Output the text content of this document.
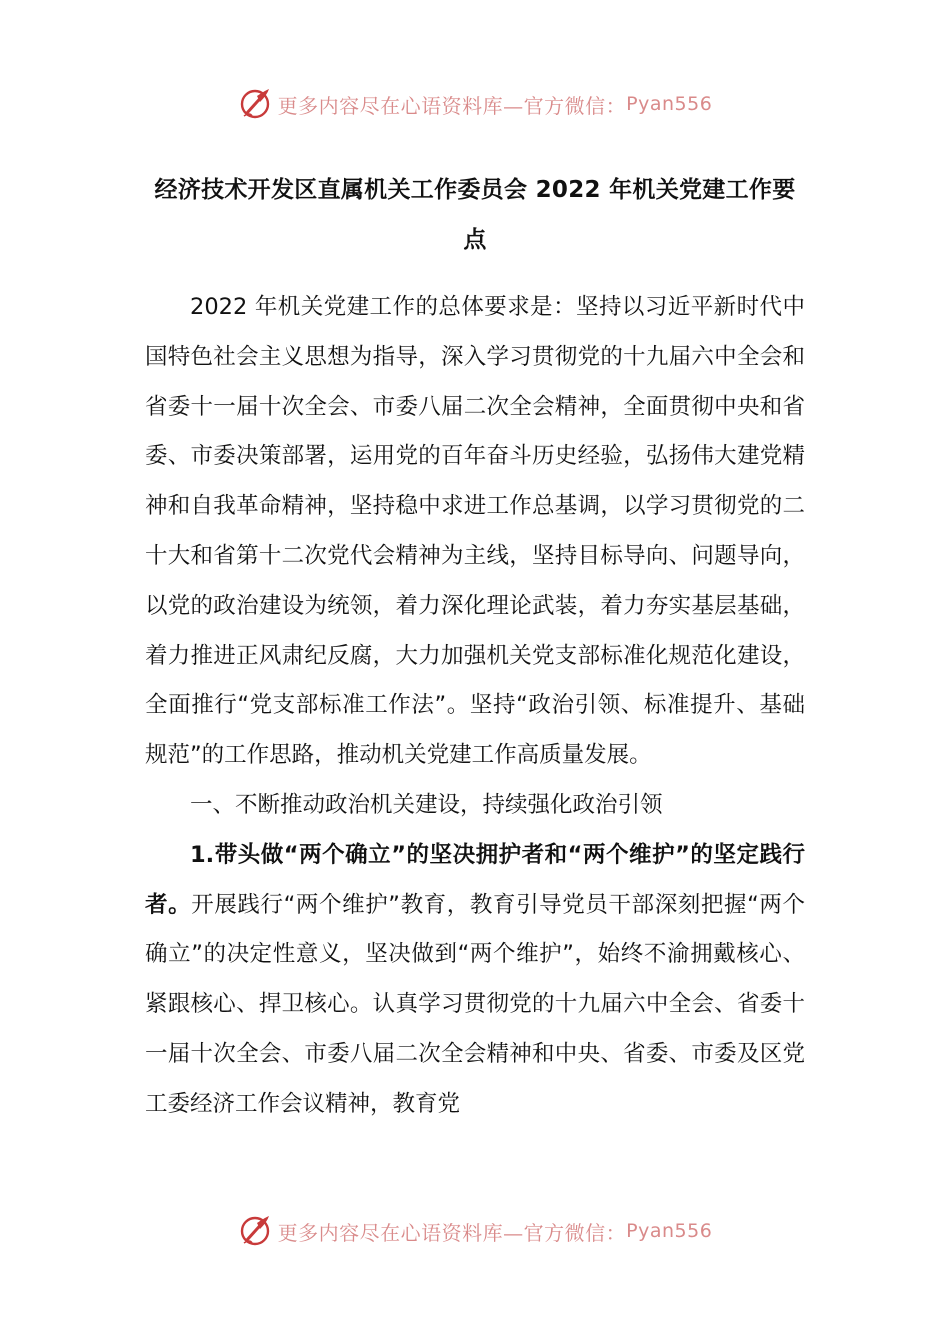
更多内容尽在心语资料库—官方微信： Pyan556
经济技术开发区直属机关工作委员会 2022 年机关党建工作要点

2022 年机关党建工作的总体要求是：坚持以习近平新时代中国特色社会主义思想为指导，深入学习贯彻党的十九届六中全会和省委十一届十次全会、市委八届二次全会精神，全面贯彻中央和省委、市委决策部署，运用党的百年奋斗历史经验，弘扬伟大建党精神和自我革命精神，坚持稳中求进工作总基调，以学习贯彻党的二十大和省第十二次党代会精神为主线，坚持目标导向、问题导向，以党的政治建设为统领，着力深化理论武装，着力夯实基层基础，着力推进正风肃纪反腐，大力加强机关党支部标准化规范化建设，全面推行“党支部标准工作法”。坚持“政治引领、标准提升、基础规范”的工作思路，推动机关党建工作高质量发展。

一、不断推动政治机关建设，持续强化政治引领

1.带头做“两个确立”的坚决拥护者和“两个维护”的坚定践行者。开展践行“两个维护”教育，教育引导党员干部深刻把握“两个确立”的决定性意义，坚决做到“两个维护”，始终不渝拥戴核心、紧跟核心、捍卫核心。认真学习贯彻党的十九届六中全会、省委十一届十次全会、市委八届二次全会精神和中央、省委、市委及区党工委经济工作会议精神，教育党

更多内容尽在心语资料库—官方微信： Pyan556
